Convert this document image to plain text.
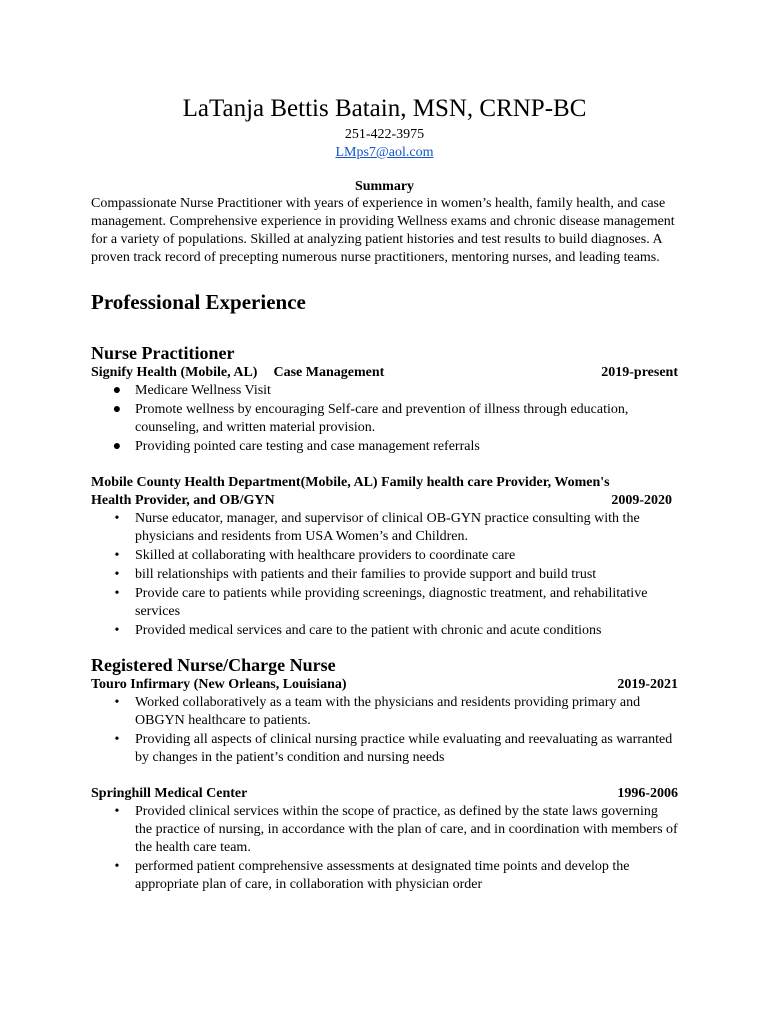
LaTanja Bettis Batain, MSN, CRNP-BC

251-422-3975

LMps7@aol.com

Summary

Compassionate Nurse Practitioner with years of experience in women’s health, family health, and case management. Comprehensive experience in providing Wellness exams and chronic disease management for a variety of populations. Skilled at analyzing patient histories and test results to build diagnoses. A proven track record of precepting numerous nurse practitioners, mentoring nurses, and leading teams.

Professional Experience
Nurse Practitioner
Signify Health (Mobile, AL) Case Management	2019-present
● Medicare Wellness Visit
● Promote wellness by encouraging Self-care and prevention of illness through education, counseling, and written material provision.
● Providing pointed care testing and case management referrals
Mobile County Health Department(Mobile, AL) Family health care Provider, Women's
Health Provider, and OB/GYN	2009-2020
• Nurse educator, manager, and supervisor of clinical OB-GYN practice consulting with the physicians and residents from USA Women’s and Children.
• Skilled at collaborating with healthcare providers to coordinate care
• bill relationships with patients and their families to provide support and build trust
• Provide care to patients while providing screenings, diagnostic treatment, and rehabilitative services
• Provided medical services and care to the patient with chronic and acute conditions
Registered Nurse/Charge Nurse
Touro Infirmary (New Orleans, Louisiana)	2019-2021
• Worked collaboratively as a team with the physicians and residents providing primary and OBGYN healthcare to patients.
• Providing all aspects of clinical nursing practice while evaluating and reevaluating as warranted by changes in the patient’s condition and nursing needs
Springhill Medical Center	1996-2006
• Provided clinical services within the scope of practice, as defined by the state laws governing the practice of nursing, in accordance with the plan of care, and in coordination with members of the health care team.
• performed patient comprehensive assessments at designated time points and develop the appropriate plan of care, in collaboration with physician order
